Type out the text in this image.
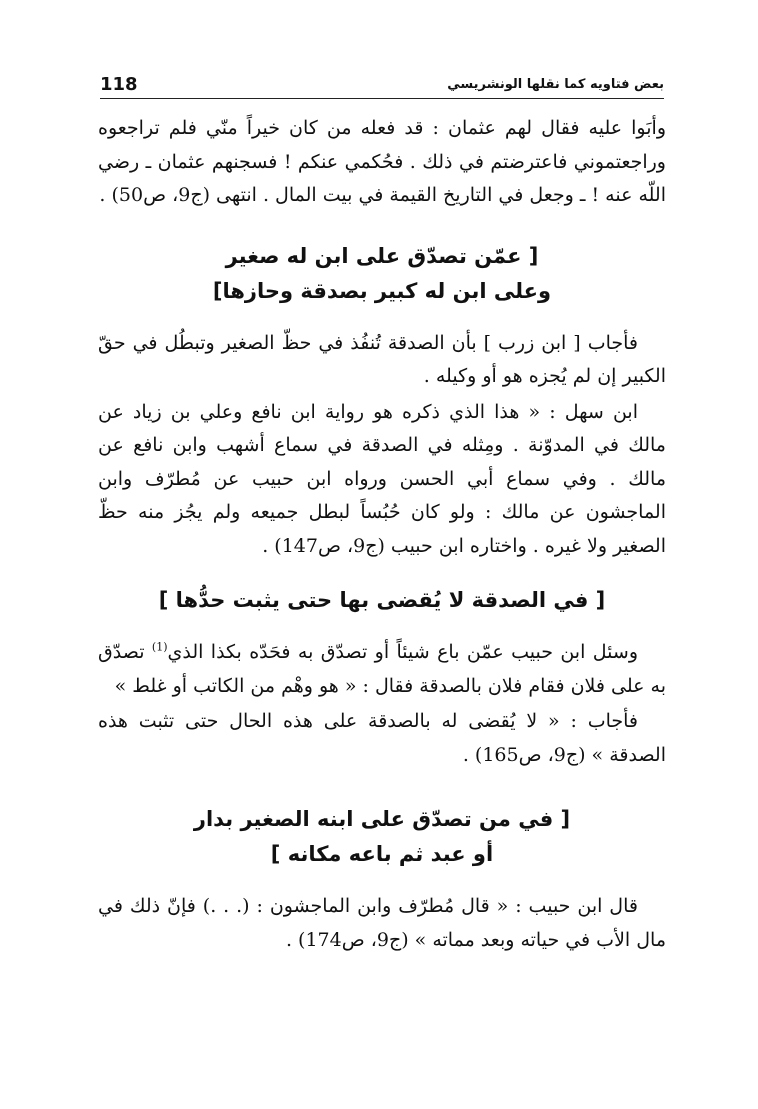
118	بعض فتاويه كما نقلها الونشريسي

وأبَوا عليه فقال لهم عثمان : قد فعله من كان خيراً منّي فلم تراجعوه وراجعتموني فاعترضتم في ذلك . فحُكمي عنكم ! فسجنهم عثمان ـ رضي اللّه عنه ! ـ وجعل في التاريخ القيمة في بيت المال . انتهى (ج9، ص50) .

[ عمّن تصدّق على ابن له صغير
وعلى ابن له كبير بصدقة وحازها]

فأجاب [ ابن زرب ] بأن الصدقة تُنفُذ في حظّ الصغير وتبطُل في حقّ الكبير إن لم يُجزه هو أو وكيله .

ابن سهل : « هذا الذي ذكره هو رواية ابن نافع وعلي بن زياد عن مالك في المدوّنة . ومِثله في الصدقة في سماع أشهب وابن نافع عن مالك . وفي سماع أبي الحسن ورواه ابن حبيب عن مُطرّف وابن الماجشون عن مالك : ولو كان حُبُساً لبطل جميعه ولم يجُز منه حظّ الصغير ولا غيره . واختاره ابن حبيب (ج9، ص147) .

[ في الصدقة لا يُقضى بها حتى يثبت حدُّها ]

وسئل ابن حبيب عمّن باع شيئاً أو تصدّق به فحَدّه بكذا الذي$^{(1)}$ تصدّق به على فلان فقام فلان بالصدقة فقال : « هو وهْم من الكاتب أو غلط »

فأجاب : « لا يُقضى له بالصدقة على هذه الحال حتى تثبت هذه الصدقة » (ج9، ص165) .

[ في من تصدّق على ابنه الصغير بدار
أو عبد ثم باعه مكانه ]

قال ابن حبيب : « قال مُطرّف وابن الماجشون : (. . .) فإنّ ذلك في مال الأب في حياته وبعد مماته » (ج9، ص174) .
